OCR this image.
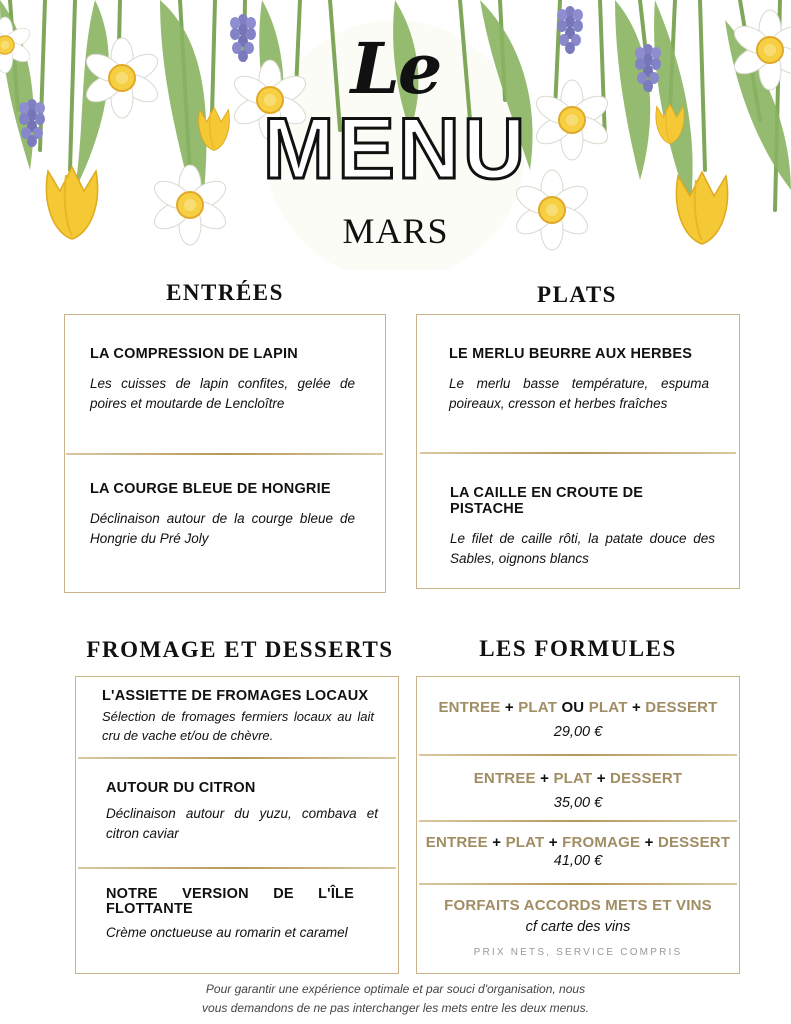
Le
MENU
MARS
ENTRÉES
LA COMPRESSION DE LAPIN
Les cuisses de lapin confites, gelée de poires et moutarde de Lencloître
LA COURGE BLEUE DE HONGRIE
Déclinaison autour de la courge bleue de Hongrie du Pré Joly
PLATS
LE MERLU BEURRE AUX HERBES
Le merlu basse température, espuma poireaux, cresson et herbes fraîches
LA CAILLE EN CROUTE DE PISTACHE
Le filet de caille rôti, la patate douce des Sables, oignons blancs
FROMAGE ET DESSERTS
L'ASSIETTE DE FROMAGES LOCAUX
Sélection de fromages fermiers locaux au lait cru de vache et/ou de chèvre.
AUTOUR DU CITRON
Déclinaison autour du yuzu, combava et citron caviar
NOTRE VERSION DE L'ÎLE FLOTTANTE
Crème onctueuse au romarin et caramel
LES FORMULES
ENTREE + PLAT OU PLAT + DESSERT
29,00 €
ENTREE + PLAT + DESSERT
35,00 €
ENTREE + PLAT + FROMAGE + DESSERT
41,00 €
FORFAITS ACCORDS METS ET VINS
cf carte des vins
PRIX NETS, SERVICE COMPRIS
Pour garantir une expérience optimale et par souci d'organisation, nous
vous demandons de ne pas interchanger les mets entre les deux menus.
